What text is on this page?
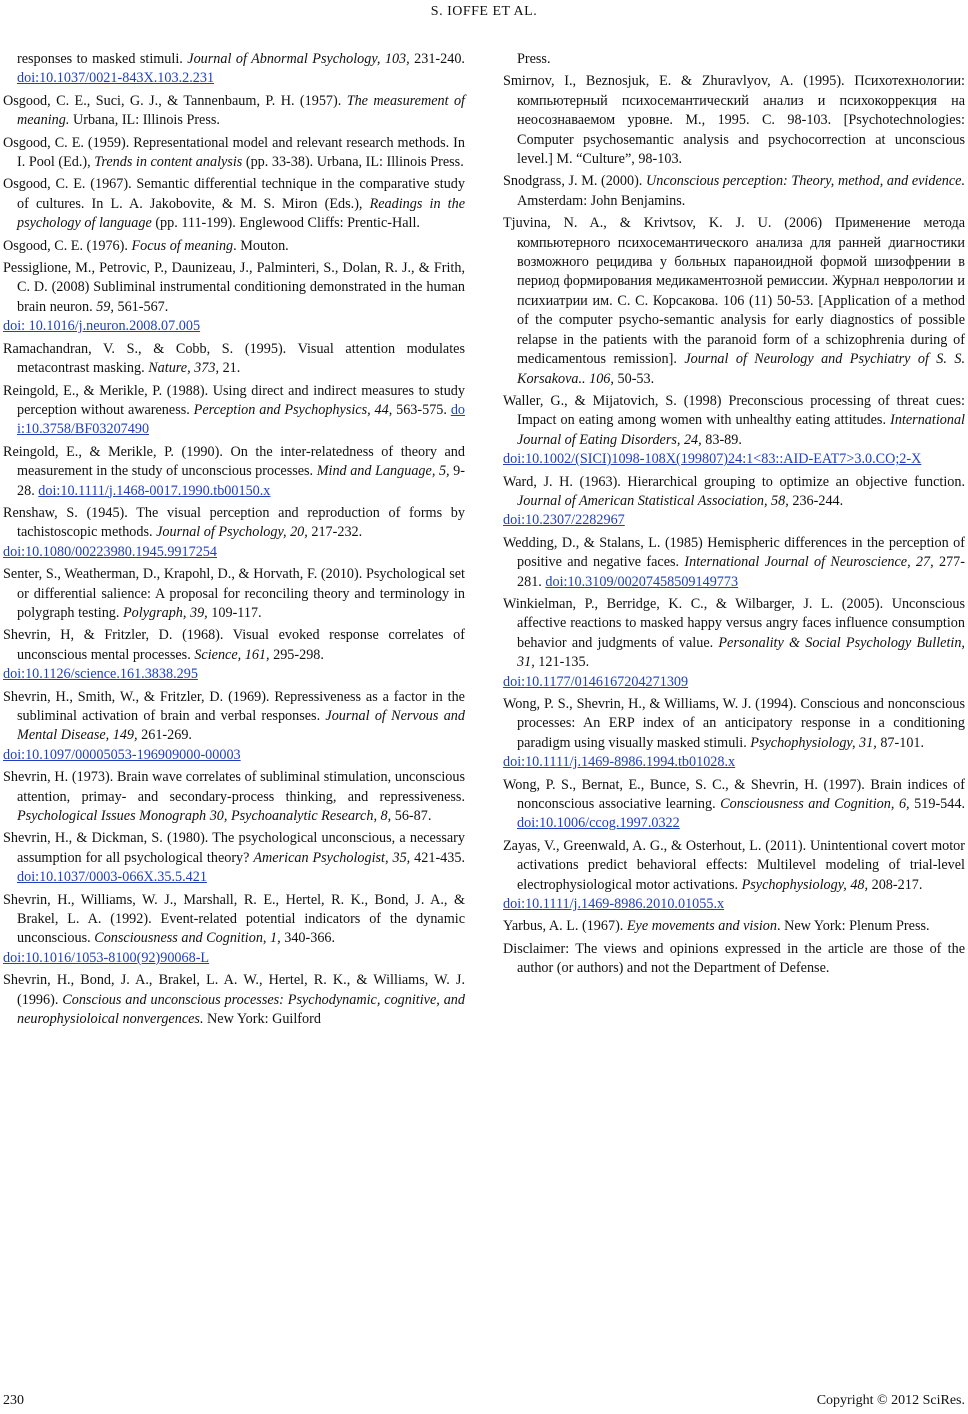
S. IOFFE ET AL.

responses to masked stimuli. Journal of Abnormal Psychology, 103, 231-240. doi:10.1037/0021-843X.103.2.231

Osgood, C. E., Suci, G. J., & Tannenbaum, P. H. (1957). The measurement of meaning. Urbana, IL: Illinois Press.

Osgood, C. E. (1959). Representational model and relevant research methods. In I. Pool (Ed.), Trends in content analysis (pp. 33-38). Urbana, IL: Illinois Press.

Osgood, C. E. (1967). Semantic differential technique in the comparative study of cultures. In L. A. Jakobovite, & M. S. Miron (Eds.), Readings in the psychology of language (pp. 111-199). Englewood Cliffs: Prentic-Hall.

Osgood, C. E. (1976). Focus of meaning. Mouton.

Pessiglione, M., Petrovic, P., Daunizeau, J., Palminteri, S., Dolan, R. J., & Frith, C. D. (2008) Subliminal instrumental conditioning demonstrated in the human brain neuron. 59, 561-567.
doi: 10.1016/j.neuron.2008.07.005

Ramachandran, V. S., & Cobb, S. (1995). Visual attention modulates metacontrast masking. Nature, 373, 21.

Reingold, E., & Merikle, P. (1988). Using direct and indirect measures to study perception without awareness. Perception and Psychophysics, 44, 563-575. doi:10.3758/BF03207490

Reingold, E., & Merikle, P. (1990). On the inter-relatedness of theory and measurement in the study of unconscious processes. Mind and Language, 5, 9-28. doi:10.1111/j.1468-0017.1990.tb00150.x

Renshaw, S. (1945). The visual perception and reproduction of forms by tachistoscopic methods. Journal of Psychology, 20, 217-232.
doi:10.1080/00223980.1945.9917254

Senter, S., Weatherman, D., Krapohl, D., & Horvath, F. (2010). Psychological set or differential salience: A proposal for reconciling theory and terminology in polygraph testing. Polygraph, 39, 109-117.

Shevrin, H, & Fritzler, D. (1968). Visual evoked response correlates of unconscious mental processes. Science, 161, 295-298.
doi:10.1126/science.161.3838.295

Shevrin, H., Smith, W., & Fritzler, D. (1969). Repressiveness as a factor in the subliminal activation of brain and verbal responses. Journal of Nervous and Mental Disease, 149, 261-269.
doi:10.1097/00005053-196909000-00003

Shevrin, H. (1973). Brain wave correlates of subliminal stimulation, unconscious attention, primay- and secondary-process thinking, and repressiveness. Psychological Issues Monograph 30, Psychoanalytic Research, 8, 56-87.

Shevrin, H., & Dickman, S. (1980). The psychological unconscious, a necessary assumption for all psychological theory? American Psychologist, 35, 421-435. doi:10.1037/0003-066X.35.5.421

Shevrin, H., Williams, W. J., Marshall, R. E., Hertel, R. K., Bond, J. A., & Brakel, L. A. (1992). Event-related potential indicators of the dynamic unconscious. Consciousness and Cognition, 1, 340-366.
doi:10.1016/1053-8100(92)90068-L

Shevrin, H., Bond, J. A., Brakel, L. A. W., Hertel, R. K., & Williams, W. J. (1996). Conscious and unconscious processes: Psychodynamic, cognitive, and neurophysioloical nonvergences. New York: Guilford

Press.

Smirnov, I., Beznosjuk, E. & Zhuravlyov, A. (1995). Психотехнологии: компьютерный психосемантический анализ и психокоррекция на неосознаваемом уровне. М., 1995. С. 98-103. [Psychotechnologies: Computer psychosemantic analysis and psychocorrection at unconscious level.] M. “Culture”, 98-103.

Snodgrass, J. M. (2000). Unconscious perception: Theory, method, and evidence. Amsterdam: John Benjamins.

Tjuvina, N. A., & Krivtsov, K. J. U. (2006) Применение метода компьютерного психосемантического анализа для ранней диагностики возможного рецидива у больных параноидной формой шизофрении в период формирования медикаментозной ремиссии. Журнал неврологии и психиатрии им. С. С. Корсакова. 106 (11) 50-53. [Application of a method of the computer psycho-semantic analysis for early diagnostics of possible relapse in the patients with the paranoid form of a schizophrenia during of medicamentous remission]. Journal of Neurology and Psychiatry of S. S. Korsakova.. 106, 50-53.

Waller, G., & Mijatovich, S. (1998) Preconscious processing of threat cues: Impact on eating among women with unhealthy eating attitudes. International Journal of Eating Disorders, 24, 83-89.
doi:10.1002/(SICI)1098-108X(199807)24:1<83::AID-EAT7>3.0.CO;2-X

Ward, J. H. (1963). Hierarchical grouping to optimize an objective function. Journal of American Statistical Association, 58, 236-244.
doi:10.2307/2282967

Wedding, D., & Stalans, L. (1985) Hemispheric differences in the perception of positive and negative faces. International Journal of Neuroscience, 27, 277-281. doi:10.3109/00207458509149773

Winkielman, P., Berridge, K. C., & Wilbarger, J. L. (2005). Unconscious affective reactions to masked happy versus angry faces influence consumption behavior and judgments of value. Personality & Social Psychology Bulletin, 31, 121-135.
doi:10.1177/0146167204271309

Wong, P. S., Shevrin, H., & Williams, W. J. (1994). Conscious and nonconscious processes: An ERP index of an anticipatory response in a conditioning paradigm using visually masked stimuli. Psychophysiology, 31, 87-101.
doi:10.1111/j.1469-8986.1994.tb01028.x

Wong, P. S., Bernat, E., Bunce, S. C., & Shevrin, H. (1997). Brain indices of nonconscious associative learning. Consciousness and Cognition, 6, 519-544. doi:10.1006/ccog.1997.0322

Zayas, V., Greenwald, A. G., & Osterhout, L. (2011). Unintentional covert motor activations predict behavioral effects: Multilevel modeling of trial-level electrophysiological motor activations. Psychophysiology, 48, 208-217.
doi:10.1111/j.1469-8986.2010.01055.x

Yarbus, A. L. (1967). Eye movements and vision. New York: Plenum Press.

Disclaimer: The views and opinions expressed in the article are those of the author (or authors) and not the Department of Defense.

230	Copyright © 2012 SciRes.
